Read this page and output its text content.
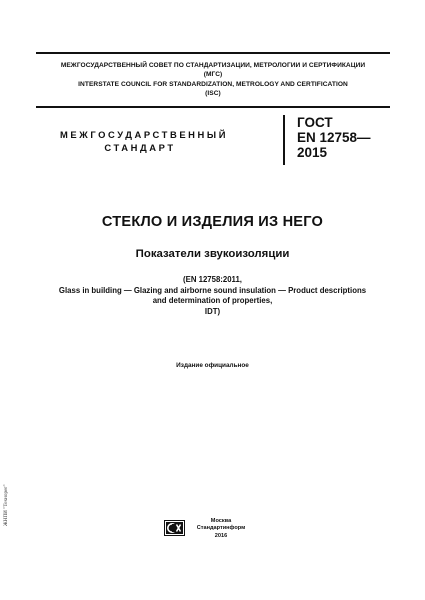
МЕЖГОСУДАРСТВЕННЫЙ СОВЕТ ПО СТАНДАРТИЗАЦИИ, МЕТРОЛОГИИ И СЕРТИФИКАЦИИ
(МГС)
INTERSTATE COUNCIL FOR STANDARDIZATION, METROLOGY AND CERTIFICATION
(ISC)
МЕЖГОСУДАРСТВЕННЫЙ
СТАНДАРТ
ГОСТ
EN 12758—
2015
СТЕКЛО И ИЗДЕЛИЯ ИЗ НЕГО
Показатели звукоизоляции
(EN 12758:2011,
Glass in building — Glazing and airborne sound insulation — Product descriptions
and determination of properties,
IDT)
Издание официальное
Москва
Стандартинформ
2016
ЖНПИ "Технорег"
